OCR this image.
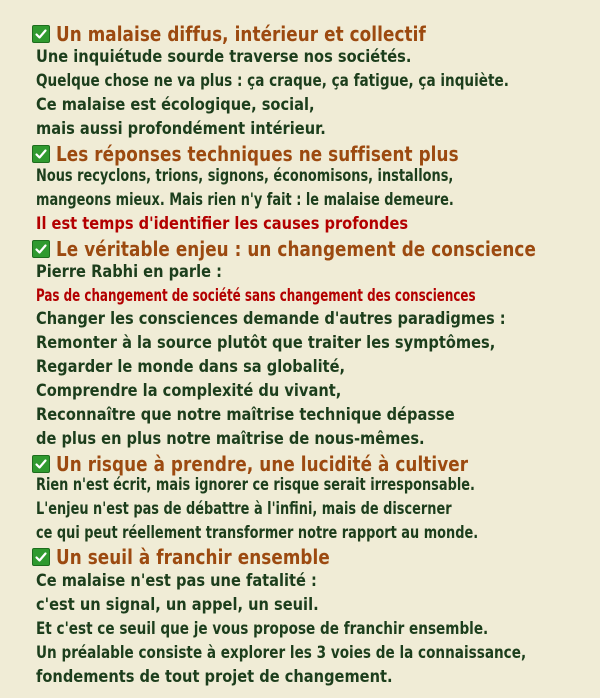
Un malaise diffus, intérieur et collectif
Une inquiétude sourde traverse nos sociétés.
Quelque chose ne va plus : ça craque, ça fatigue, ça inquiète.
Ce malaise est écologique, social,
mais aussi profondément intérieur.
Les réponses techniques ne suffisent plus
Nous recyclons, trions, signons, économisons, installons,
mangeons mieux. Mais rien n'y fait : le malaise demeure.
Il est temps d'identifier les causes profondes
Le véritable enjeu : un changement de conscience
Pierre Rabhi en parle :
Pas de changement de société sans changement des consciences
Changer les consciences demande d'autres paradigmes :
Remonter à la source plutôt que traiter les symptômes,
Regarder le monde dans sa globalité,
Comprendre la complexité du vivant,
Reconnaître que notre maîtrise technique dépasse
de plus en plus notre maîtrise de nous-mêmes.
Un risque à prendre, une lucidité à cultiver
Rien n'est écrit, mais ignorer ce risque serait irresponsable.
L'enjeu n'est pas de débattre à l'infini, mais de discerner
ce qui peut réellement transformer notre rapport au monde.
Un seuil à franchir ensemble
Ce malaise n'est pas une fatalité :
c'est un signal, un appel, un seuil.
Et c'est ce seuil que je vous propose de franchir ensemble.
Un préalable consiste à explorer les 3 voies de la connaissance,
fondements de tout projet de changement.
